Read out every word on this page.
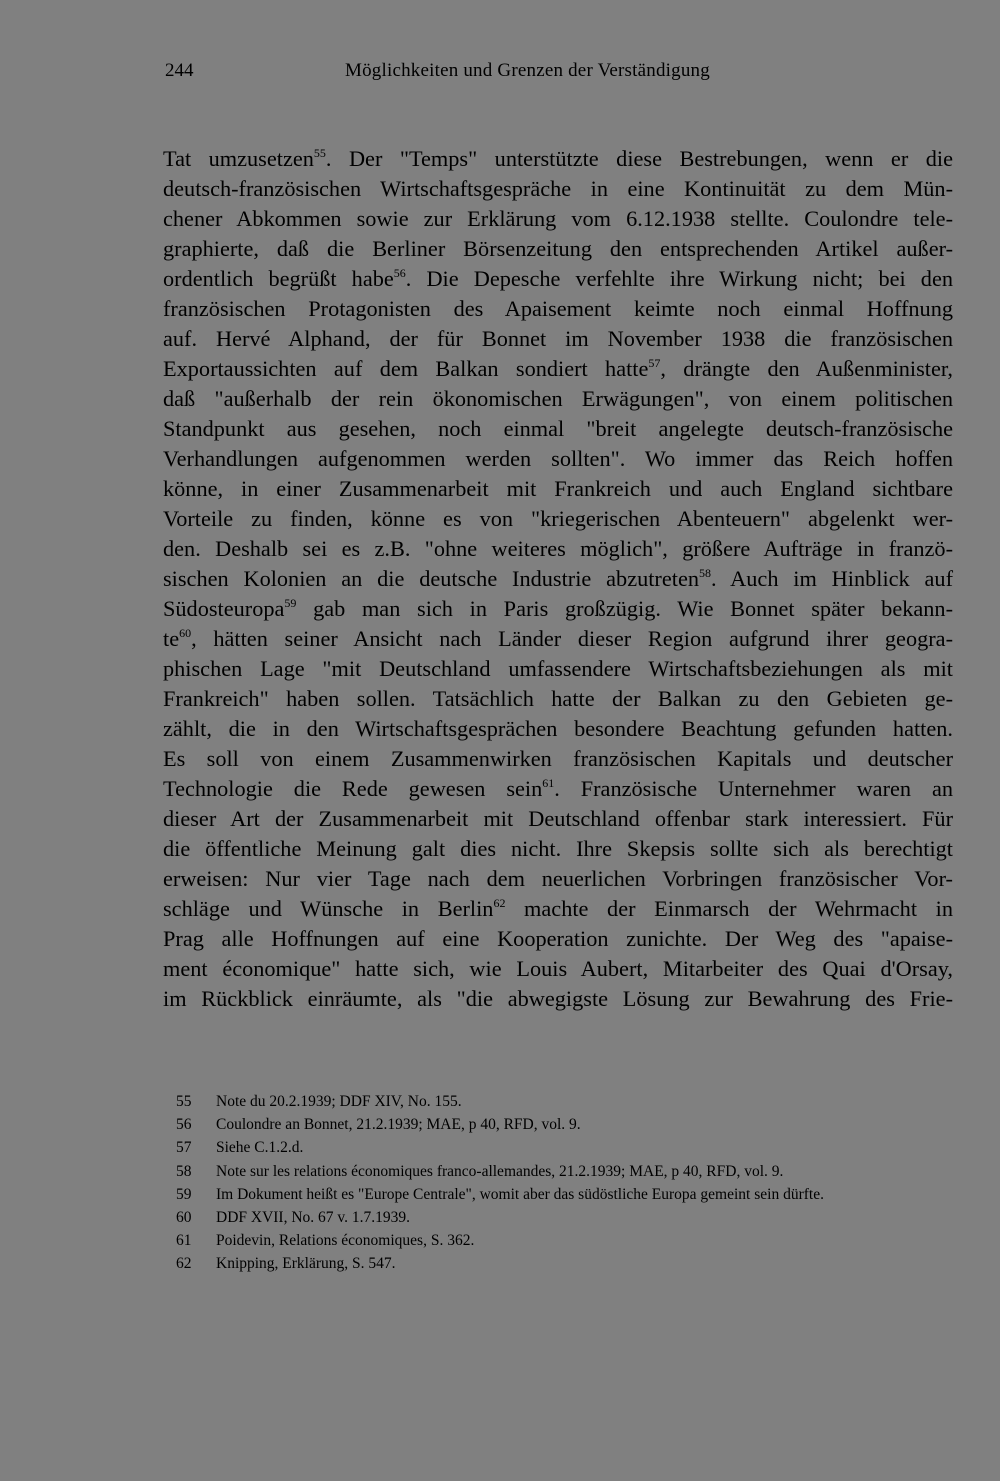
244	Möglichkeiten und Grenzen der Verständigung
Tat umzusetzen$^{55}$. Der "Temps" unterstützte diese Bestrebungen, wenn er die
deutsch-französischen Wirtschaftsgespräche in eine Kontinuität zu dem Mün-
chener Abkommen sowie zur Erklärung vom 6.12.1938 stellte. Coulondre tele-
graphierte, daß die Berliner Börsenzeitung den entsprechenden Artikel außer-
ordentlich begrüßt habe$^{56}$. Die Depesche verfehlte ihre Wirkung nicht; bei den
französischen Protagonisten des Apaisement keimte noch einmal Hoffnung
auf. Hervé Alphand, der für Bonnet im November 1938 die französischen
Exportaussichten auf dem Balkan sondiert hatte$^{57}$, drängte den Außenminister,
daß "außerhalb der rein ökonomischen Erwägungen", von einem politischen
Standpunkt aus gesehen, noch einmal "breit angelegte deutsch-französische
Verhandlungen aufgenommen werden sollten". Wo immer das Reich hoffen
könne, in einer Zusammenarbeit mit Frankreich und auch England sichtbare
Vorteile zu finden, könne es von "kriegerischen Abenteuern" abgelenkt wer-
den. Deshalb sei es z.B. "ohne weiteres möglich", größere Aufträge in franzö-
sischen Kolonien an die deutsche Industrie abzutreten$^{58}$. Auch im Hinblick auf
Südosteuropa$^{59}$ gab man sich in Paris großzügig. Wie Bonnet später bekann-
$te^{60}$, hätten seiner Ansicht nach Länder dieser Region aufgrund ihrer geogra-
phischen Lage "mit Deutschland umfassendere Wirtschaftsbeziehungen als mit
Frankreich" haben sollen. Tatsächlich hatte der Balkan zu den Gebieten ge-
zählt, die in den Wirtschaftsgesprächen besondere Beachtung gefunden hatten.
Es soll von einem Zusammenwirken französischen Kapitals und deutscher
Technologie die Rede gewesen sein$^{61}$. Französische Unternehmer waren an
dieser Art der Zusammenarbeit mit Deutschland offenbar stark interessiert. Für
die öffentliche Meinung galt dies nicht. Ihre Skepsis sollte sich als berechtigt
erweisen: Nur vier Tage nach dem neuerlichen Vorbringen französischer Vor-
schläge und Wünsche in Berlin$^{62}$ machte der Einmarsch der Wehrmacht in
Prag alle Hoffnungen auf eine Kooperation zunichte. Der Weg des "apaise-
ment économique" hatte sich, wie Louis Aubert, Mitarbeiter des Quai d'Orsay,
im Rückblick einräumte, als "die abwegigste Lösung zur Bewahrung des Frie-
55	Note du 20.2.1939; DDF XIV, No. 155.
56	Coulondre an Bonnet, 21.2.1939; MAE, p 40, RFD, vol. 9.
57	Siehe C.1.2.d.
58	Note sur les relations économiques franco-allemandes, 21.2.1939; MAE, p 40, RFD, vol. 9.
59	Im Dokument heißt es "Europe Centrale", womit aber das südöstliche Europa gemeint sein dürfte.
60	DDF XVII, No. 67 v. 1.7.1939.
61	Poidevin, Relations économiques, S. 362.
62	Knipping, Erklärung, S. 547.
